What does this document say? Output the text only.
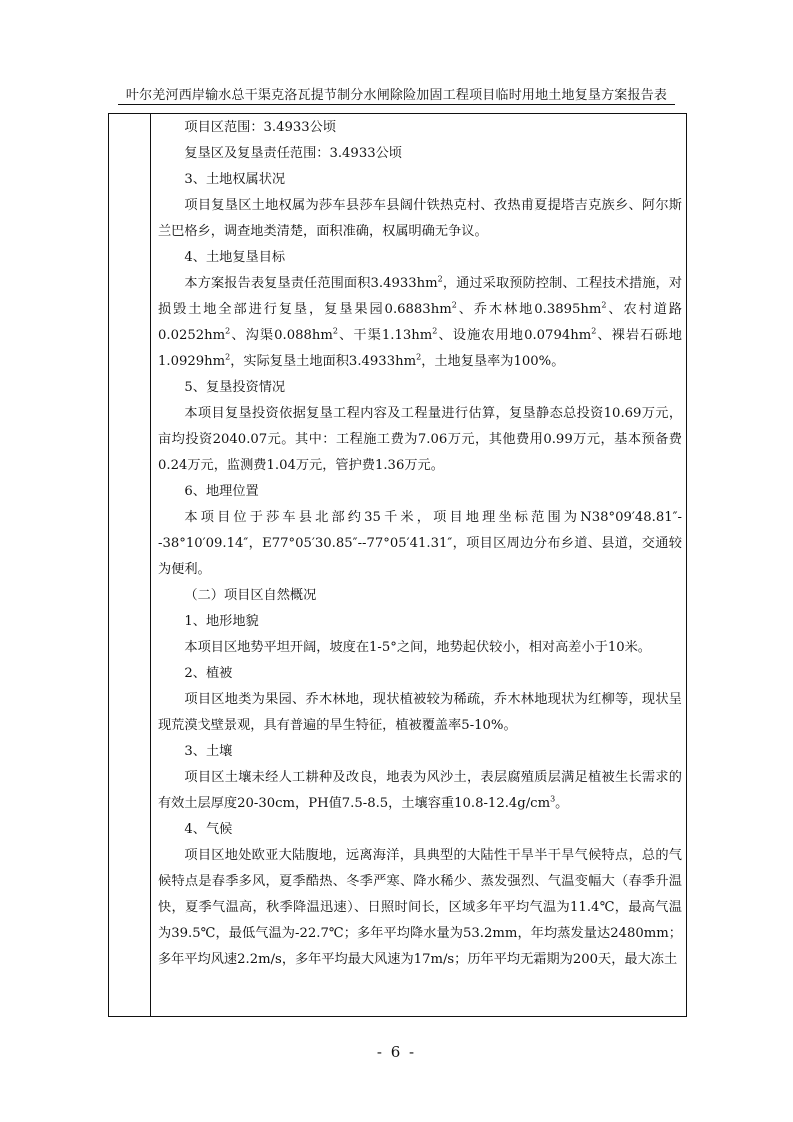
叶尔羌河西岸输水总干渠克洛瓦提节制分水闸除险加固工程项目临时用地土地复垦方案报告表

项目区范围：3.4933公顷

复垦区及复垦责任范围：3.4933公顷

3、土地权属状况

项目复垦区土地权属为莎车县莎车县阔什铁热克村、孜热甫夏提塔吉克族乡、阿尔斯兰巴格乡，调查地类清楚，面积准确，权属明确无争议。

4、土地复垦目标

本方案报告表复垦责任范围面积$3.4933hm^2$，通过采取预防控制、工程技术措施，对损毁土地全部进行复垦，复垦果园$0.6883hm^2$、乔木林地$0.3895hm^2$、农村道路$0.0252hm^2$、沟渠$0.088hm^2$、干渠$1.13hm^2$、设施农用地$0.0794hm^2$、裸岩石砾地$1.0929hm^2$，实际复垦土地面积$3.4933hm^2$，土地复垦率为100%。

5、复垦投资情况

本项目复垦投资依据复垦工程内容及工程量进行估算，复垦静态总投资10.69万元，亩均投资2040.07元。其中：工程施工费为7.06万元，其他费用0.99万元，基本预备费0.24万元，监测费1.04万元，管护费1.36万元。

6、地理位置

本项目位于莎车县北部约35千米，项目地理坐标范围为N38°09′48.81″--38°10′09.14″，E77°05′30.85″--77°05′41.31″，项目区周边分布乡道、县道，交通较为便利。

（二）项目区自然概况

1、地形地貌

本项目区地势平坦开阔，坡度在1-5°之间，地势起伏较小，相对高差小于10米。

2、植被

项目区地类为果园、乔木林地，现状植被较为稀疏，乔木林地现状为红柳等，现状呈现荒漠戈壁景观，具有普遍的旱生特征，植被覆盖率5-10%。

3、土壤

项目区土壤未经人工耕种及改良，地表为风沙土，表层腐殖质层满足植被生长需求的有效土层厚度20-30cm，PH值7.5-8.5，土壤容重$10.8-12.4g/cm^3$。

4、气候

项目区地处欧亚大陆腹地，远离海洋，具典型的大陆性干旱半干旱气候特点，总的气候特点是春季多风，夏季酷热、冬季严寒、降水稀少、蒸发强烈、气温变幅大（春季升温快，夏季气温高，秋季降温迅速）、日照时间长，区域多年平均气温为11.4℃，最高气温为39.5℃，最低气温为-22.7℃；多年平均降水量为53.2mm，年均蒸发量达2480mm；多年平均风速2.2m/s，多年平均最大风速为17m/s；历年平均无霜期为200天，最大冻土

- 6 -
